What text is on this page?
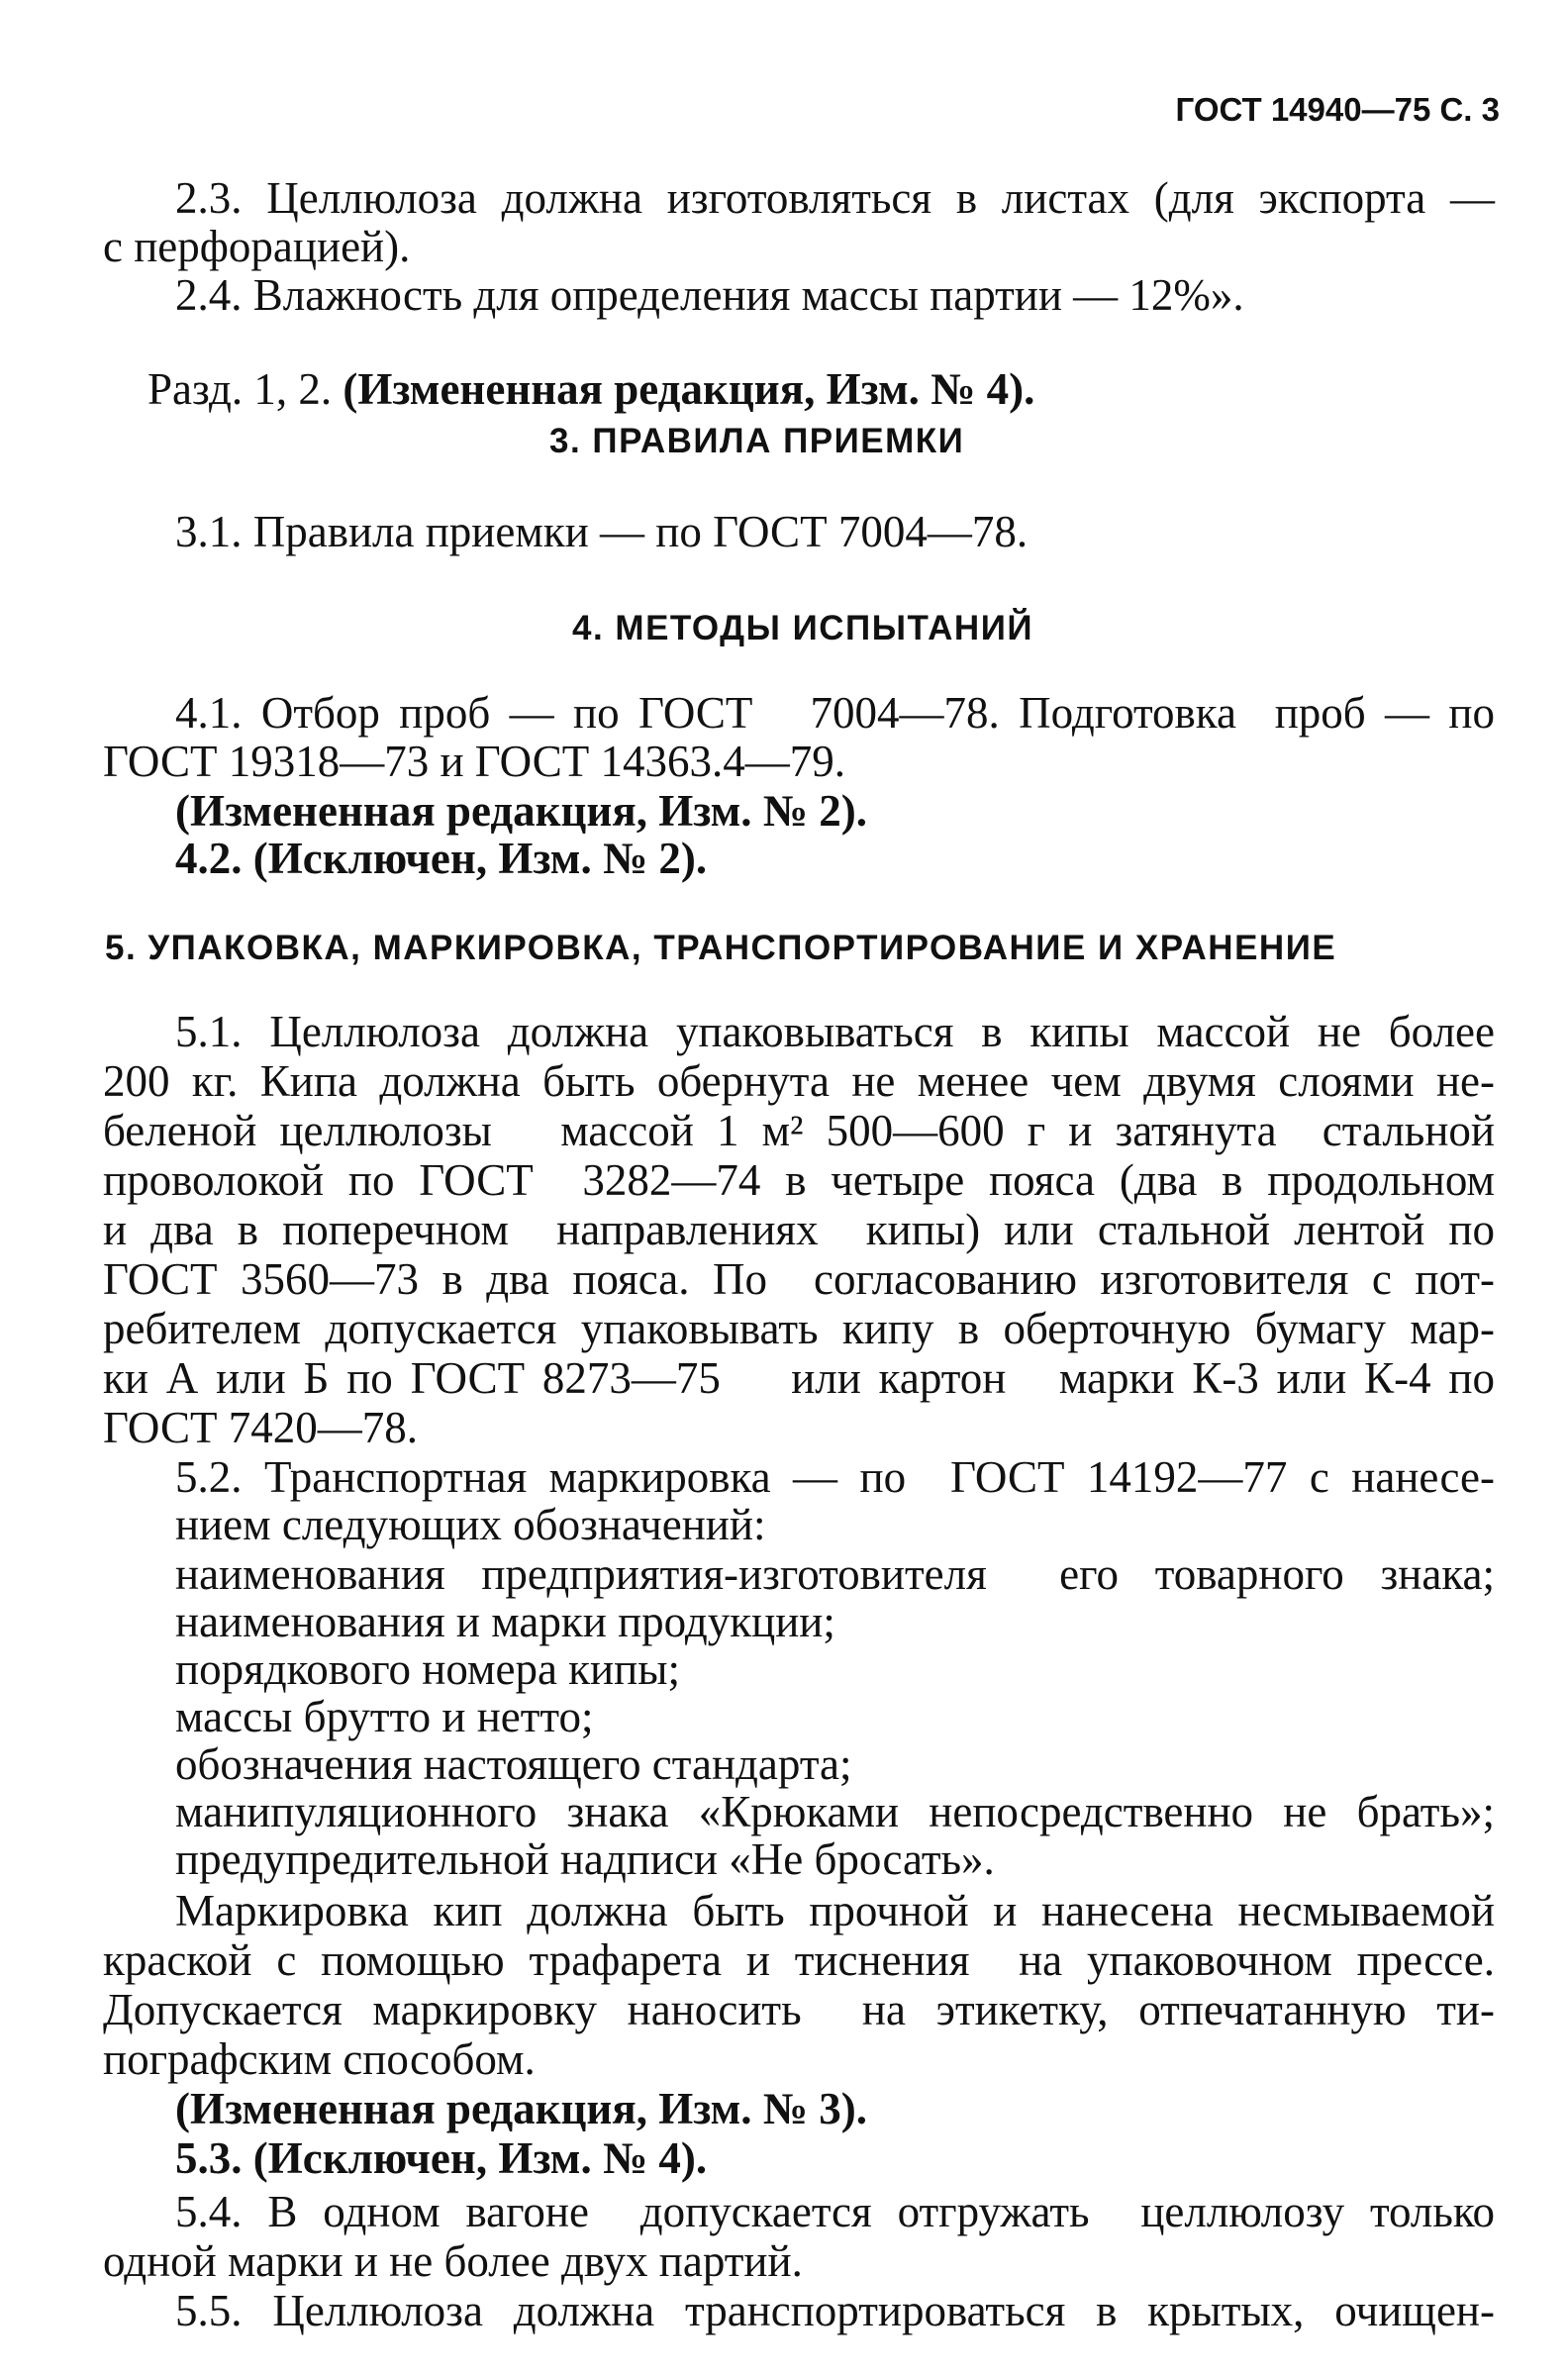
ГОСТ 14940—75 С. 3
2.3. Целлюлоза должна изготовляться в листах (для экспорта —
с перфорацией).
2.4. Влажность для определения массы партии — 12%».

Разд. 1, 2. (Измененная редакция, Изм. № 4).

3. ПРАВИЛА ПРИЕМКИ
3.1. Правила приемки — по ГОСТ 7004—78.
4. МЕТОДЫ ИСПЫТАНИЙ
4.1. Отбор проб — по ГОСТ   7004—78. Подготовка  проб — по
ГОСТ 19318—73 и ГОСТ 14363.4—79.
(Измененная редакция, Изм. № 2).
4.2. (Исключен, Изм. № 2).
5. УПАКОВКА, МАРКИРОВКА, ТРАНСПОРТИРОВАНИЕ И ХРАНЕНИЕ
5.1. Целлюлоза должна упаковываться в кипы массой не более
200 кг. Кипа должна быть обернута не менее чем двумя слоями не-
беленой целлюлозы   массой 1 м² 500—600 г и затянута  стальной
проволокой по ГОСТ  3282—74 в четыре пояса (два в продольном
и два в поперечном  направлениях  кипы) или стальной лентой по
ГОСТ 3560—73 в два пояса. По  согласованию изготовителя с пот-
ребителем допускается упаковывать кипу в оберточную бумагу мар-
ки А или Б по ГОСТ 8273—75    или картон   марки К-3 или К-4 по
ГОСТ 7420—78.
5.2. Транспортная маркировка — по  ГОСТ 14192—77 с нанесе-
нием следующих обозначений:
наименования предприятия-изготовителя  его товарного знака;
наименования и марки продукции;
порядкового номера кипы;
массы брутто и нетто;
обозначения настоящего стандарта;
манипуляционного знака «Крюками непосредственно не брать»;
предупредительной надписи «Не бросать».
Маркировка кип должна быть прочной и нанесена несмываемой
краской с помощью трафарета и тиснения  на упаковочном прессе.
Допускается маркировку наносить  на этикетку, отпечатанную ти-
пографским способом.
(Измененная редакция, Изм. № 3).
5.3. (Исключен, Изм. № 4).
5.4. В одном вагоне  допускается отгружать  целлюлозу только
одной марки и не более двух партий.
5.5. Целлюлоза должна транспортироваться в крытых, очищен-
